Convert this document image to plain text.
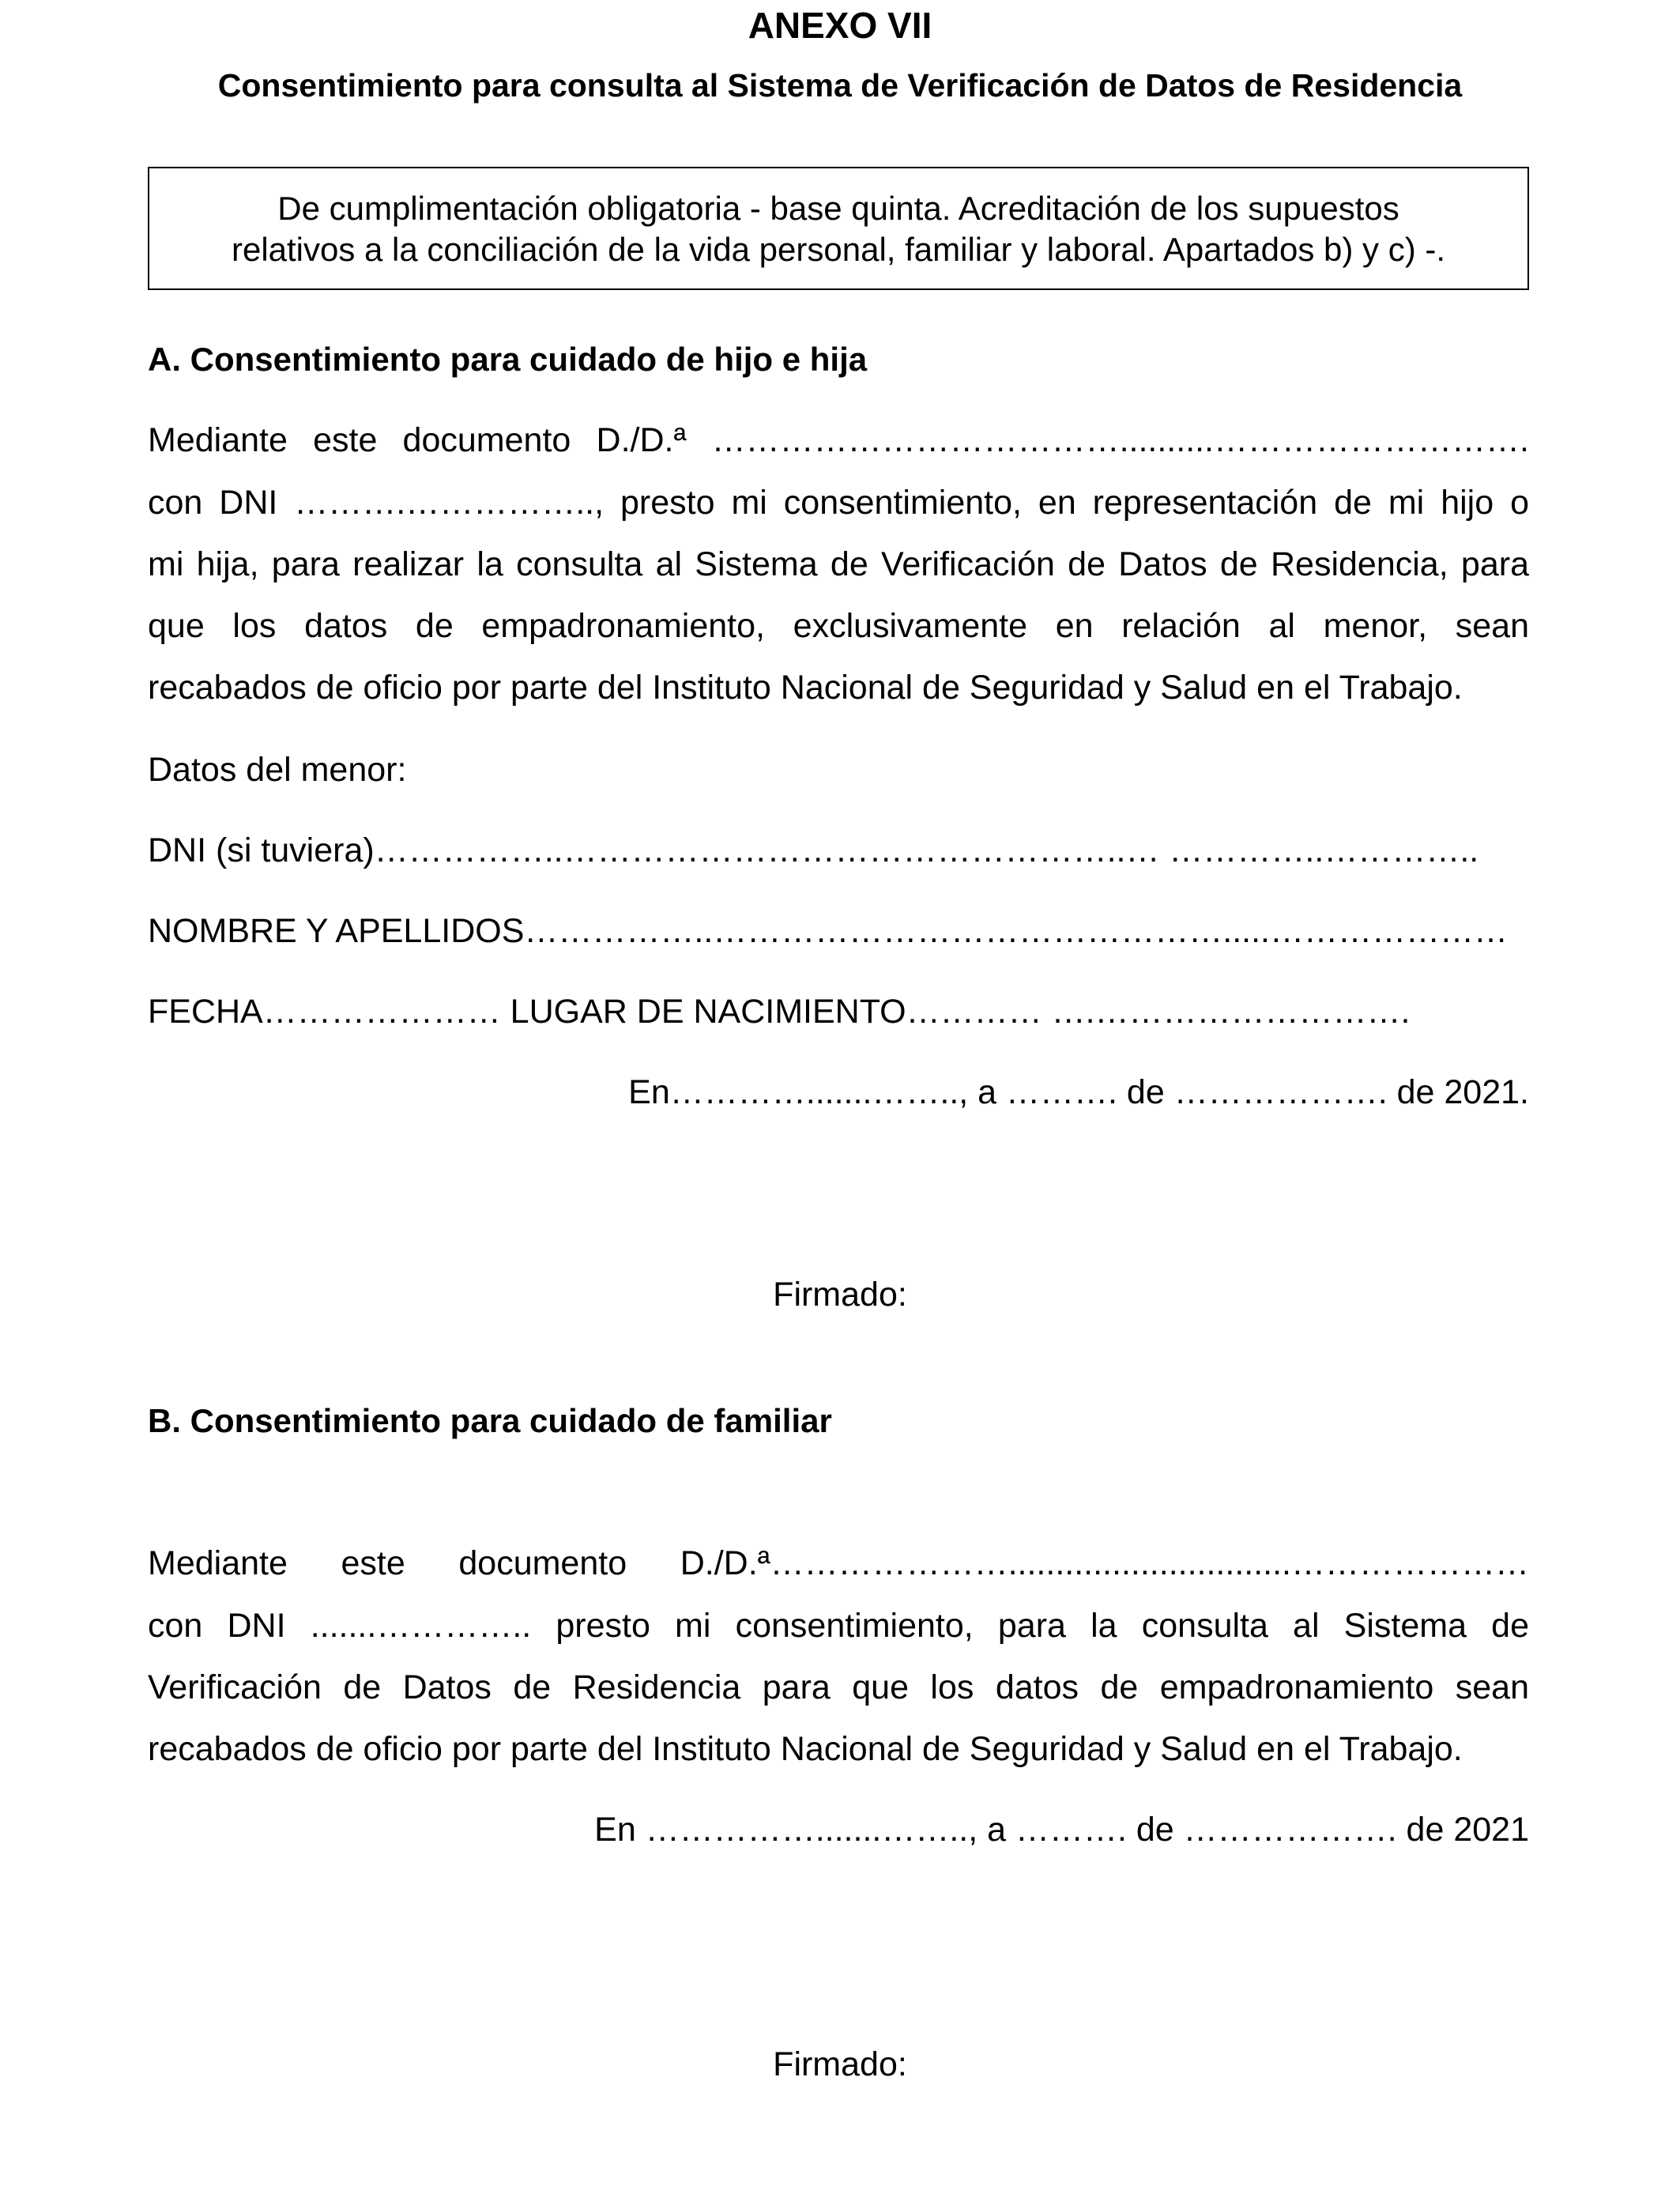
ANEXO VII
Consentimiento para consulta al Sistema de Verificación de Datos de Residencia
De cumplimentación obligatoria - base quinta. Acreditación de los supuestos
relativos a la conciliación de la vida personal, familiar y laboral. Apartados b) y c) -.
A. Consentimiento para cuidado de hijo e hija
Mediante este documento D./D.ª ………………………………..........……………………….
con DNI ……….…………….., presto mi consentimiento, en representación de mi hijo o
mi hija, para realizar la consulta al Sistema de Verificación de Datos de Residencia, para
que los datos de empadronamiento, exclusivamente en relación al menor, sean
recabados de oficio por parte del Instituto Nacional de Seguridad y Salud en el Trabajo.
Datos del menor:
DNI (si tuviera)……………..…………………………………………..… …………..…………..
NOMBRE Y APELLIDOS……………..……………………………………….....…………………
FECHA………………… LUGAR DE NACIMIENTO………… ….……………………….
En………….......…….., a ………. de ………………. de 2021.
Firmado:
B. Consentimiento para cuidado de familiar
Mediante este documento D./D.ª…………………..............................…………………
con DNI .......………….. presto mi consentimiento, para la consulta al Sistema de
Verificación de Datos de Residencia para que los datos de empadronamiento sean
recabados de oficio por parte del Instituto Nacional de Seguridad y Salud en el Trabajo.
En …………….......…….., a ………. de ………………. de 2021
Firmado:
